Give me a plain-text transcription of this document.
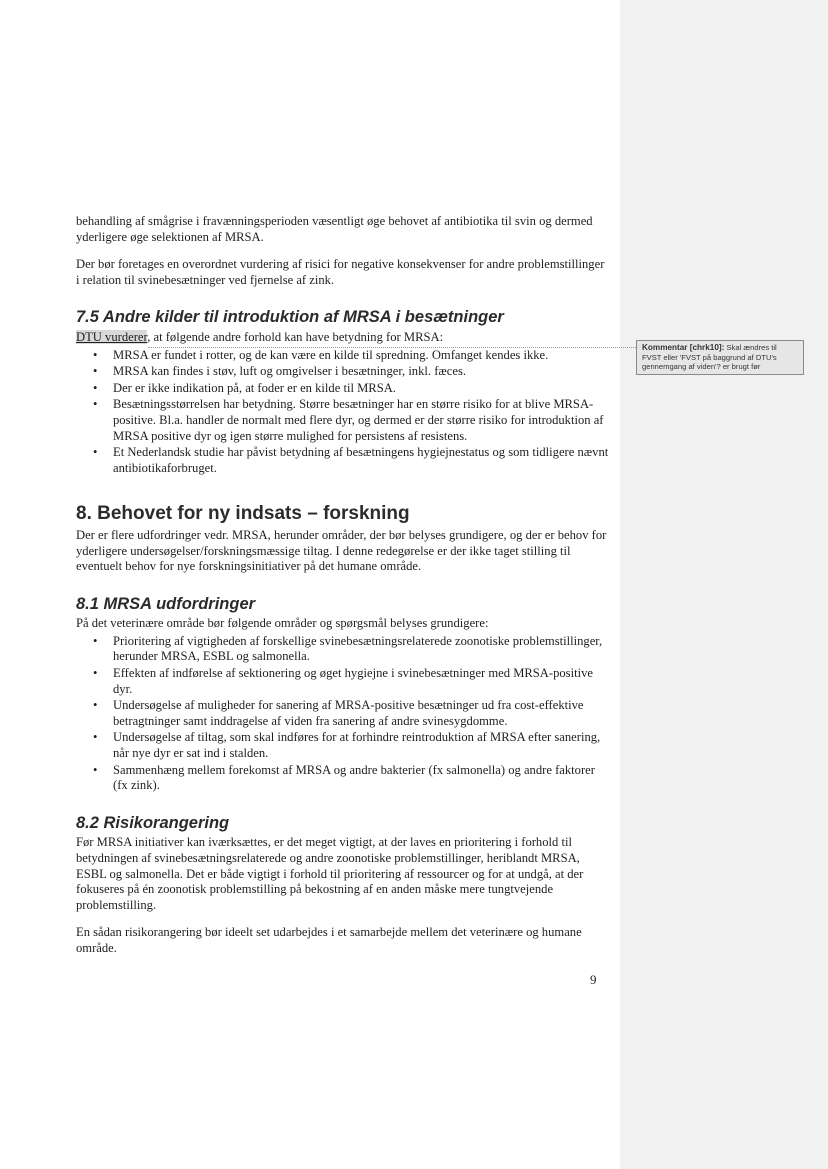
behandling af smågrise i fravænningsperioden væsentligt øge behovet af antibiotika til svin og dermed yderligere øge selektionen af MRSA.

Der bør foretages en overordnet vurdering af risici for negative konsekvenser for andre problemstillinger i relation til svinebesætninger ved fjernelse af zink.

7.5 Andre kilder til introduktion af MRSA i besætninger

DTU vurderer, at følgende andre forhold kan have betydning for MRSA:

• MRSA er fundet i rotter, og de kan være en kilde til spredning. Omfanget kendes ikke.
• MRSA kan findes i støv, luft og omgivelser i besætninger, inkl. fæces.
• Der er ikke indikation på, at foder er en kilde til MRSA.
• Besætningsstørrelsen har betydning. Større besætninger har en større risiko for at blive MRSA-positive. Bl.a. handler de normalt med flere dyr, og dermed er der større risiko for introduktion af MRSA positive dyr og igen større mulighed for persistens af resistens.
• Et Nederlandsk studie har påvist betydning af besætningens hygiejnestatus og som tidligere nævnt antibiotikaforbruget.
8. Behovet for ny indsats – forskning

Der er flere udfordringer vedr. MRSA, herunder områder, der bør belyses grundigere, og der er behov for yderligere undersøgelser/forskningsmæssige tiltag. I denne redegørelse er der ikke taget stilling til eventuelt behov for nye forskningsinitiativer på det humane område.

8.1 MRSA udfordringer

På det veterinære område bør følgende områder og spørgsmål belyses grundigere:

• Prioritering af vigtigheden af forskellige svinebesætningsrelaterede zoonotiske problemstillinger, herunder MRSA, ESBL og salmonella.
• Effekten af indførelse af sektionering og øget hygiejne i svinebesætninger med MRSA-positive dyr.
• Undersøgelse af muligheder for sanering af MRSA-positive besætninger ud fra cost-effektive betragtninger samt inddragelse af viden fra sanering af andre svinesygdomme.
• Undersøgelse af tiltag, som skal indføres for at forhindre reintroduktion af MRSA efter sanering, når nye dyr er sat ind i stalden.
• Sammenhæng mellem forekomst af MRSA og andre bakterier (fx salmonella) og andre faktorer (fx zink).
8.2 Risikorangering

Før MRSA initiativer kan iværksættes, er det meget vigtigt, at der laves en prioritering i forhold til betydningen af svinebesætningsrelaterede og andre zoonotiske problemstillinger, heriblandt MRSA, ESBL og salmonella. Det er både vigtigt i forhold til prioritering af ressourcer og for at undgå, at der fokuseres på én zoonotisk problemstilling på bekostning af en anden måske mere tungtvejende problemstilling.

En sådan risikorangering bør ideelt set udarbejdes i et samarbejde mellem det veterinære og humane område.

Kommentar [chrk10]: Skal ændres til FVST eller 'FVST på baggrund af DTU's gennemgang af viden'? er brugt før
9
